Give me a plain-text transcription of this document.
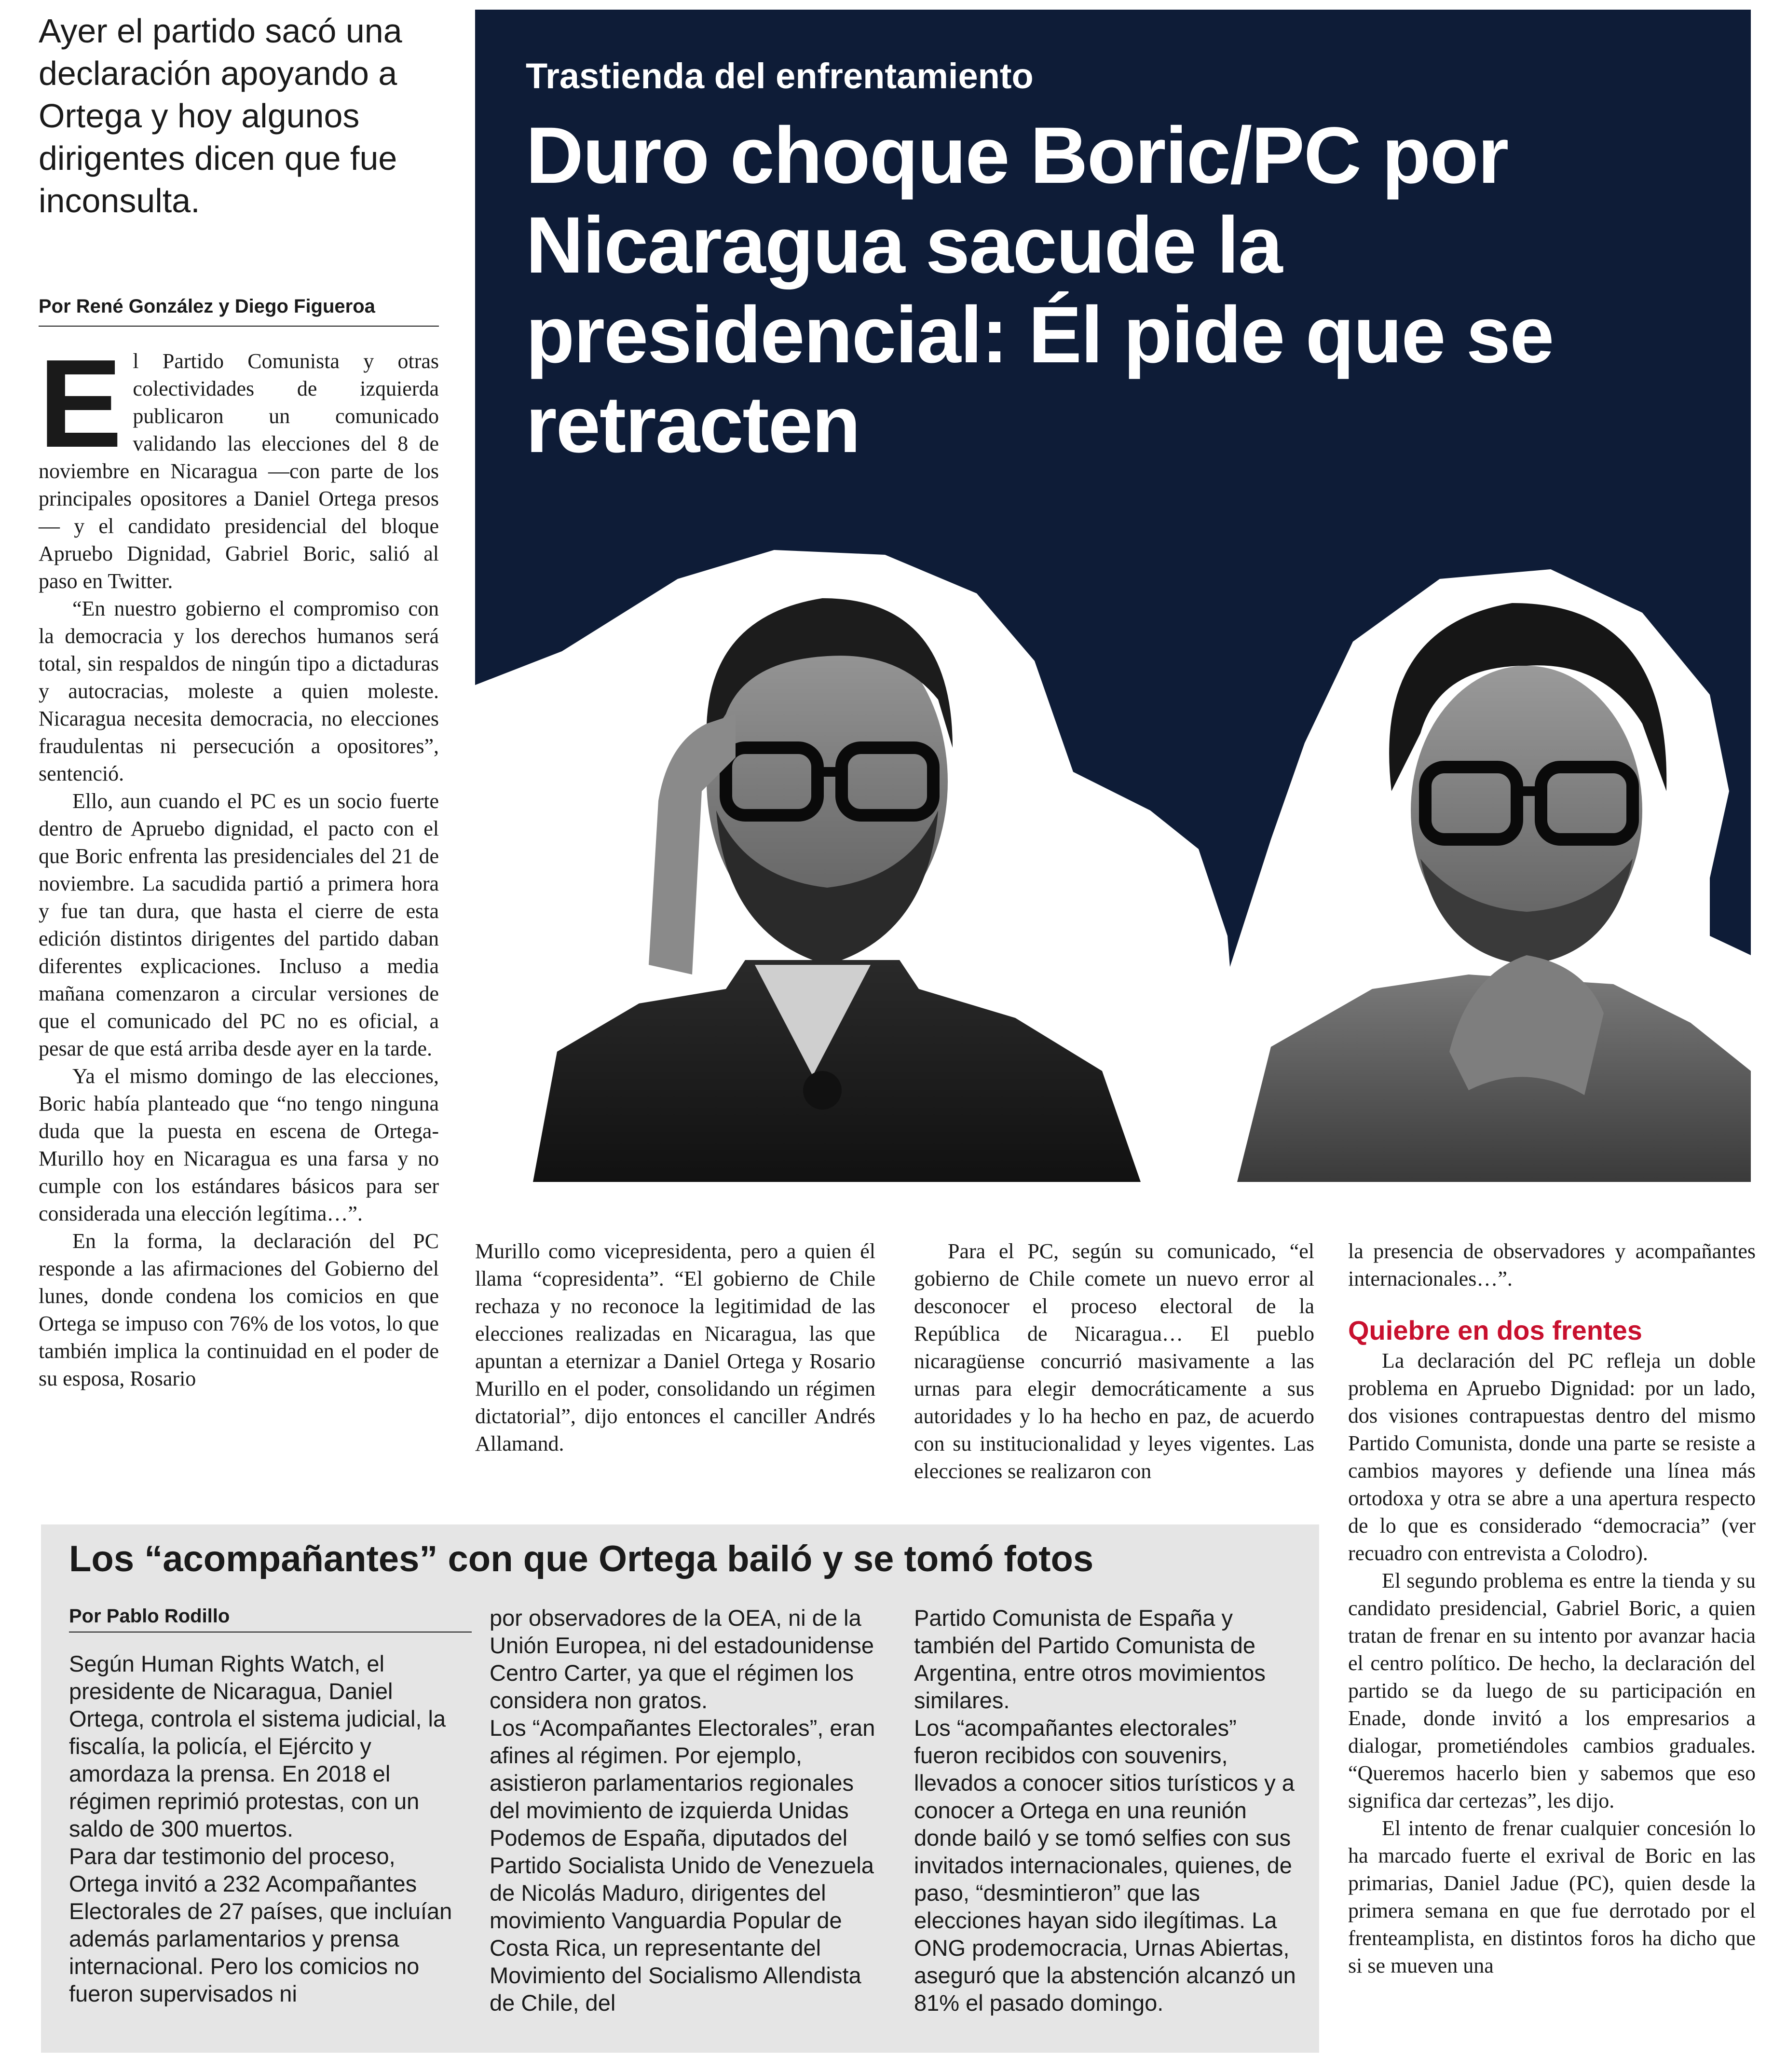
Ayer el partido sacó una declaración apoyando a Ortega y hoy algunos dirigentes dicen que fue inconsulta.
Por René González y Diego Figueroa

El Partido Comunista y otras colectividades de izquierda publicaron un comunicado validando las elecciones del 8 de noviembre en Nicaragua —con parte de los principales opositores a Daniel Ortega presos— y el candidato presidencial del bloque Apruebo Dignidad, Gabriel Boric, salió al paso en Twitter.

“En nuestro gobierno el compromiso con la democracia y los derechos humanos será total, sin respaldos de ningún tipo a dictaduras y autocracias, moleste a quien moleste. Nicaragua necesita democracia, no elecciones fraudulentas ni persecución a opositores”, sentenció.

Ello, aun cuando el PC es un socio fuerte dentro de Apruebo dignidad, el pacto con el que Boric enfrenta las presidenciales del 21 de noviembre. La sacudida partió a primera hora y fue tan dura, que hasta el cierre de esta edición distintos dirigentes del partido daban diferentes explicaciones. Incluso a media mañana comenzaron a circular versiones de que el comunicado del PC no es oficial, a pesar de que está arriba desde ayer en la tarde.

Ya el mismo domingo de las elecciones, Boric había planteado que “no tengo ninguna duda que la puesta en escena de Ortega-Murillo hoy en Nicaragua es una farsa y no cumple con los estándares básicos para ser considerada una elección legítima…”.

En la forma, la declaración del PC responde a las afirmaciones del Gobierno del lunes, donde condena los comicios en que Ortega se impuso con 76% de los votos, lo que también implica la continuidad en el poder de su esposa, Rosario

Trastienda del enfrentamiento
Duro choque Boric/PC por Nicaragua sacude la presidencial: Él pide que se retracten

Murillo como vicepresidenta, pero a quien él llama “copresidenta”. “El gobierno de Chile rechaza y no reconoce la legitimidad de las elecciones realizadas en Nicaragua, las que apuntan a eternizar a Daniel Ortega y Rosario Murillo en el poder, consolidando un régimen dictatorial”, dijo entonces el canciller Andrés Allamand.

Para el PC, según su comunicado, “el gobierno de Chile comete un nuevo error al desconocer el proceso electoral de la República de Nicaragua… El pueblo nicaragüense concurrió masivamente a las urnas para elegir democráticamente a sus autoridades y lo ha hecho en paz, de acuerdo con su institucionalidad y leyes vigentes. Las elecciones se realizaron con

la presencia de observadores y acompañantes internacionales…”.

Quiebre en dos frentes

La declaración del PC refleja un doble problema en Apruebo Dignidad: por un lado, dos visiones contrapuestas dentro del mismo Partido Comunista, donde una parte se resiste a cambios mayores y defiende una línea más ortodoxa y otra se abre a una apertura respecto de lo que es considerado “democracia” (ver recuadro con entrevista a Colodro).

El segundo problema es entre la tienda y su candidato presidencial, Gabriel Boric, a quien tratan de frenar en su intento por avanzar hacia el centro político. De hecho, la declaración del partido se da luego de su participación en Enade, donde invitó a los empresarios a dialogar, prometiéndoles cambios graduales. “Queremos hacerlo bien y sabemos que eso significa dar certezas”, les dijo.

El intento de frenar cualquier concesión lo ha marcado fuerte el exrival de Boric en las primarias, Daniel Jadue (PC), quien desde la primera semana en que fue derrotado por el frenteamplista, en distintos foros ha dicho que si se mueven una

Los “acompañantes” con que Ortega bailó y se tomó fotos
Por Pablo Rodillo

Según Human Rights Watch, el presidente de Nicaragua, Daniel Ortega, controla el sistema judicial, la fiscalía, la policía, el Ejército y amordaza la prensa. En 2018 el régimen reprimió protestas, con un saldo de 300 muertos.

Para dar testimonio del proceso, Ortega invitó a 232 Acompañantes Electorales de 27 países, que incluían además parlamentarios y prensa internacional. Pero los comicios no fueron supervisados ni

por observadores de la OEA, ni de la Unión Europea, ni del estadounidense Centro Carter, ya que el régimen los considera non gratos.

Los “Acompañantes Electorales”, eran afines al régimen. Por ejemplo, asistieron parlamentarios regionales del movimiento de izquierda Unidas Podemos de España, diputados del Partido Socialista Unido de Venezuela de Nicolás Maduro, dirigentes del movimiento Vanguardia Popular de Costa Rica, un representante del Movimiento del Socialismo Allendista de Chile, del

Partido Comunista de España y también del Partido Comunista de Argentina, entre otros movimientos similares.

Los “acompañantes electorales” fueron recibidos con souvenirs, llevados a conocer sitios turísticos y a conocer a Ortega en una reunión donde bailó y se tomó selfies con sus invitados internacionales, quienes, de paso, “desmintieron” que las elecciones hayan sido ilegítimas. La ONG prodemocracia, Urnas Abiertas, aseguró que la abstención alcanzó un 81% el pasado domingo.
